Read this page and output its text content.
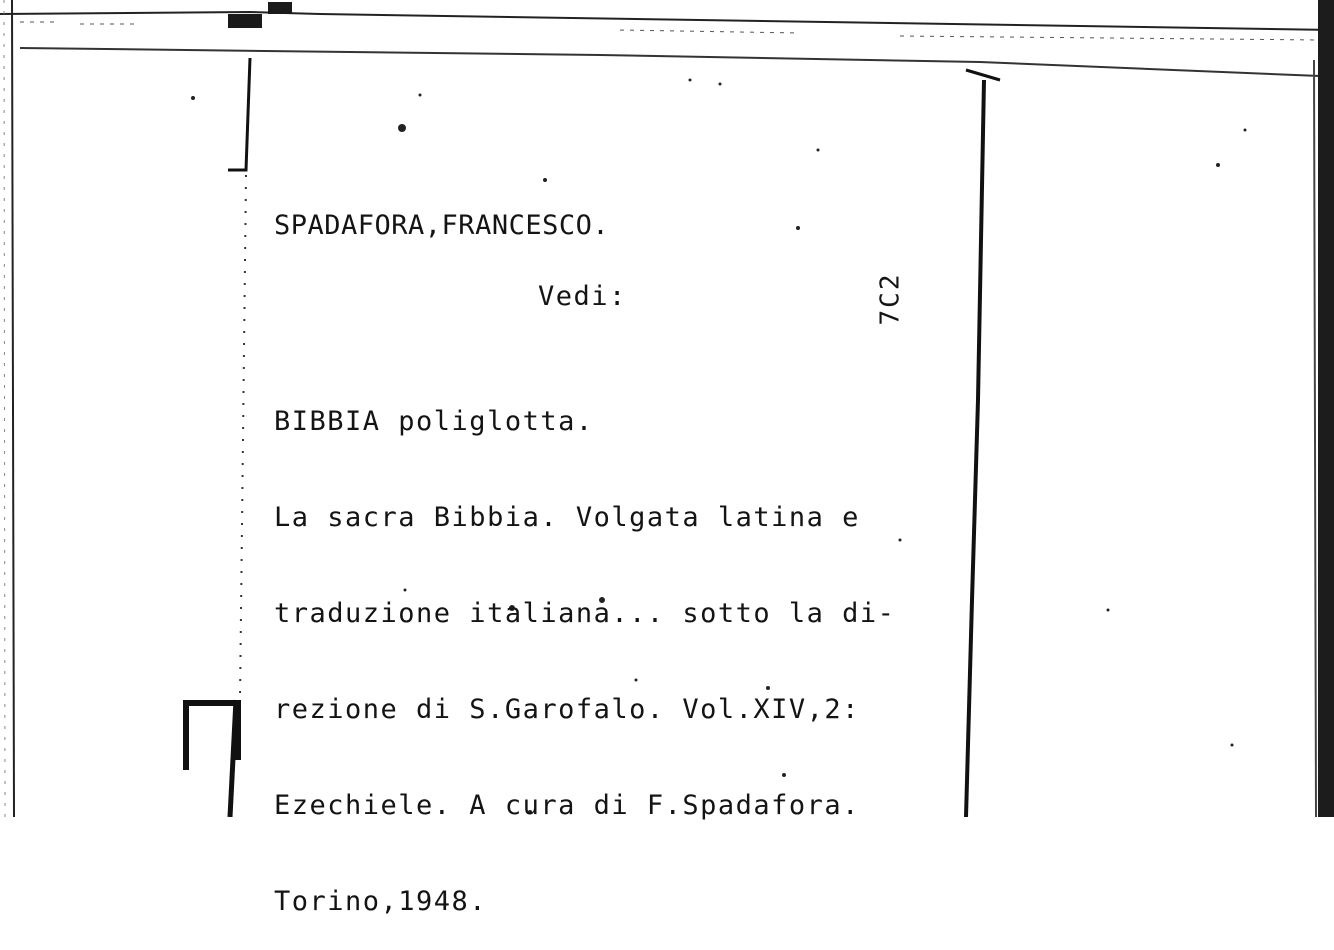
SPADAFORA,FRANCESCO.
Vedi:

BIBBIA poliglotta.

La sacra Bibbia. Volgata latina e

traduzione italiana... sotto la di-

rezione di S.Garofalo. Vol.XIV,2:

Ezechiele. A cura di F.Spadafora.

Torino,1948.

7C2
